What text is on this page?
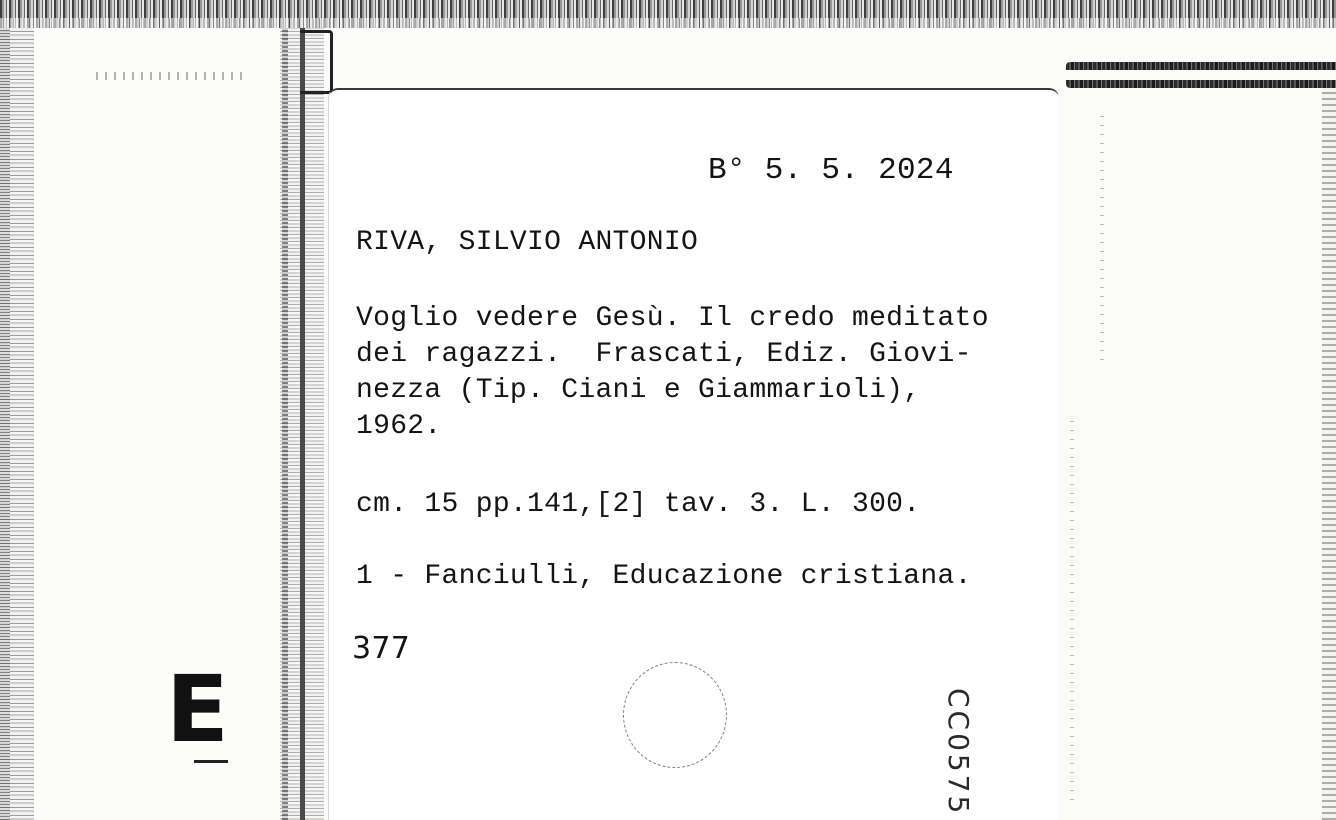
E
B° 5. 5. 2024
RIVA, SILVIO ANTONIO
Voglio vedere Gesù. Il credo meditato
dei ragazzi.  Frascati, Ediz. Giovi-
nezza (Tip. Ciani e Giammarioli),
1962.
cm. 15 pp.141,[2] tav. 3. L. 300.
1 - Fanciulli, Educazione cristiana.
377
CC0575
